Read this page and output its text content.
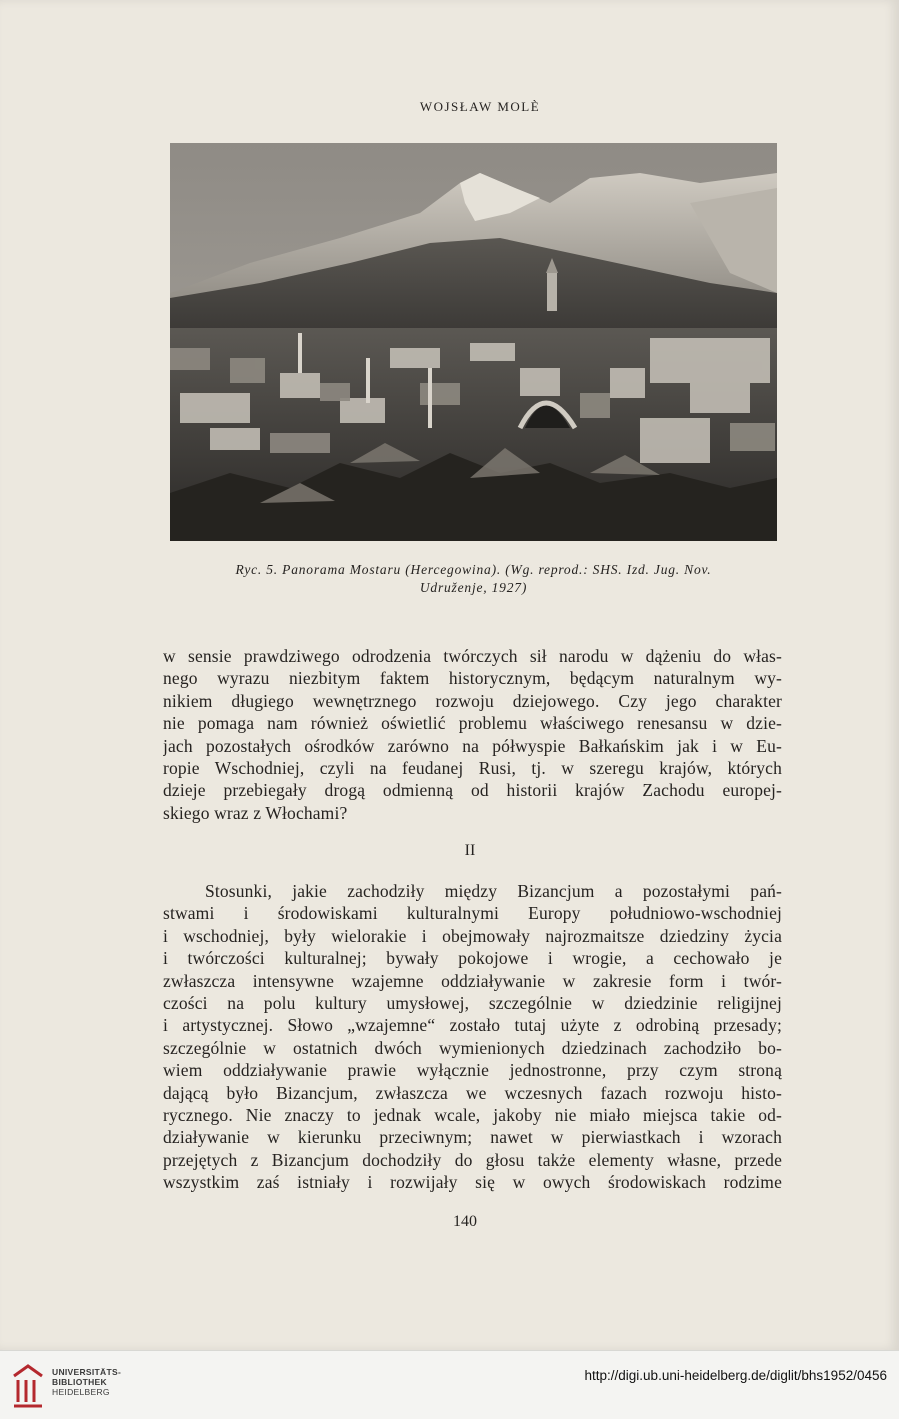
WOJSŁAW MOLÈ
Ryc. 5. Panorama Mostaru (Hercegowina). (Wg. reprod.: SHS. Izd. Jug. Nov.
Udruženje, 1927)
w sensie prawdziwego odrodzenia twórczych sił narodu w dążeniu do włas-
nego wyrazu niezbitym faktem historycznym, będącym naturalnym wy-
nikiem długiego wewnętrznego rozwoju dziejowego. Czy jego charakter
nie pomaga nam również oświetlić problemu właściwego renesansu w dzie-
jach pozostałych ośrodków zarówno na półwyspie Bałkańskim jak i w Eu-
ropie Wschodniej, czyli na feudanej Rusi, tj. w szeregu krajów, których
dzieje przebiegały drogą odmienną od historii krajów Zachodu europej-
skiego wraz z Włochami?
II
Stosunki, jakie zachodziły między Bizancjum a pozostałymi pań-
stwami i środowiskami kulturalnymi Europy południowo-wschodniej
i wschodniej, były wielorakie i obejmowały najrozmaitsze dziedziny życia
i twórczości kulturalnej; bywały pokojowe i wrogie, a cechowało je
zwłaszcza intensywne wzajemne oddziaływanie w zakresie form i twór-
czości na polu kultury umysłowej, szczególnie w dziedzinie religijnej
i artystycznej. Słowo „wzajemne“ zostało tutaj użyte z odrobiną przesady;
szczególnie w ostatnich dwóch wymienionych dziedzinach zachodziło bo-
wiem oddziaływanie prawie wyłącznie jednostronne, przy czym stroną
dającą było Bizancjum, zwłaszcza we wczesnych fazach rozwoju histo-
rycznego. Nie znaczy to jednak wcale, jakoby nie miało miejsca takie od-
działywanie w kierunku przeciwnym; nawet w pierwiastkach i wzorach
przejętych z Bizancjum dochodziły do głosu także elementy własne, przede
wszystkim zaś istniały i rozwijały się w owych środowiskach rodzime
140
UNIVERSITÄTS-
BIBLIOTHEK
HEIDELBERG
http://digi.ub.uni-heidelberg.de/diglit/bhs1952/0456
